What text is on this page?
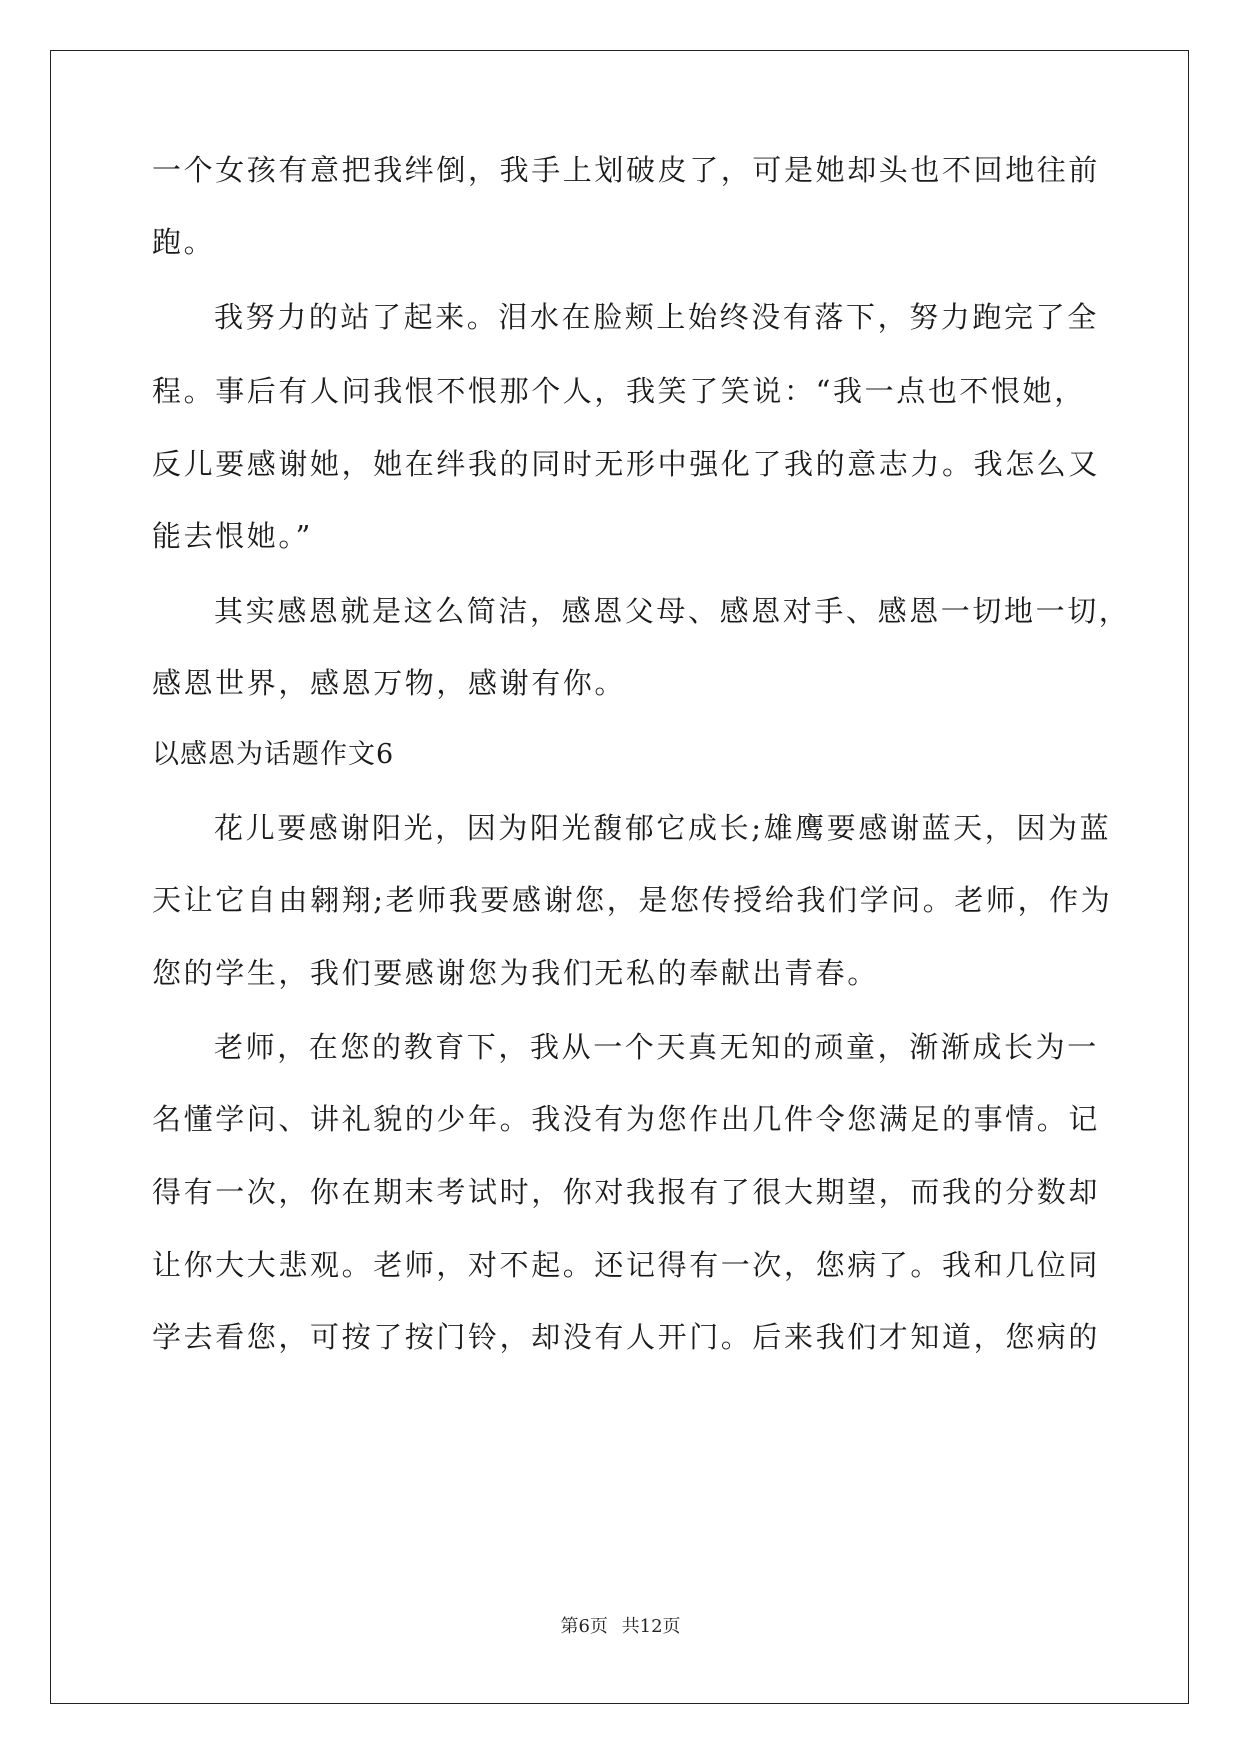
一个女孩有意把我绊倒，我手上划破皮了，可是她却头也不回地往前
跑。
我努力的站了起来。泪水在脸颊上始终没有落下，努力跑完了全
程。事后有人问我恨不恨那个人，我笑了笑说：“我一点也不恨她，
反儿要感谢她，她在绊我的同时无形中强化了我的意志力。我怎么又
能去恨她。”
其实感恩就是这么简洁，感恩父母、感恩对手、感恩一切地一切，
感恩世界，感恩万物，感谢有你。
以感恩为话题作文6
花儿要感谢阳光，因为阳光馥郁它成长;雄鹰要感谢蓝天，因为蓝
天让它自由翱翔;老师我要感谢您，是您传授给我们学问。老师，作为
您的学生，我们要感谢您为我们无私的奉献出青春。
老师，在您的教育下，我从一个天真无知的顽童，渐渐成长为一
名懂学问、讲礼貌的少年。我没有为您作出几件令您满足的事情。记
得有一次，你在期末考试时，你对我报有了很大期望，而我的分数却
让你大大悲观。老师，对不起。还记得有一次，您病了。我和几位同
学去看您，可按了按门铃，却没有人开门。后来我们才知道，您病的
第6页 共12页
